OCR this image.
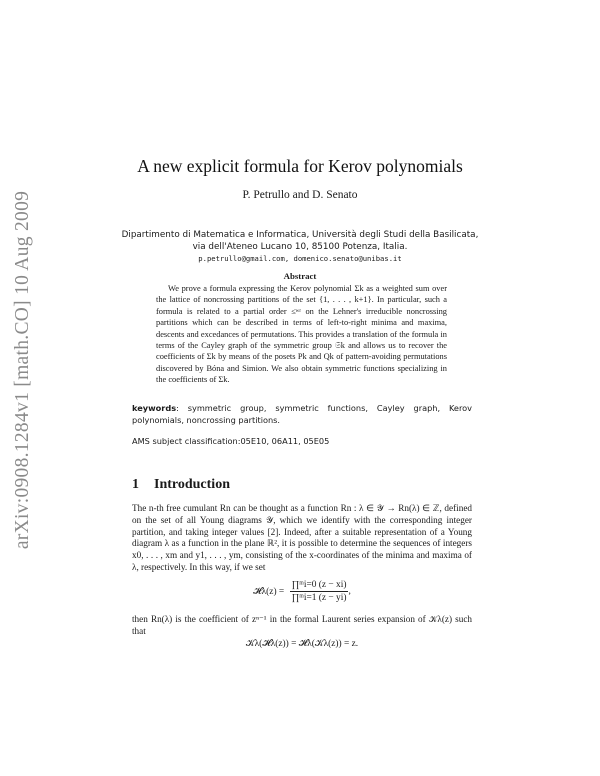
arXiv:0908.1284v1 [math.CO] 10 Aug 2009
A new explicit formula for Kerov polynomials
P. Petrullo and D. Senato
Dipartimento di Matematica e Informatica, Università degli Studi della Basilicata,
via dell'Ateneo Lucano 10, 85100 Potenza, Italia.
p.petrullo@gmail.com, domenico.senato@unibas.it
Abstract
We prove a formula expressing the Kerov polynomial Σk as a weighted sum over the lattice of noncrossing partitions of the set {1, . . . , k+1}. In particular, such a formula is related to a partial order ≤ʷʳ on the Lehner's irreducible noncrossing partitions which can be described in terms of left-to-right minima and maxima, descents and excedances of permutations. This provides a translation of the formula in terms of the Cayley graph of the symmetric group 𝔖k and allows us to recover the coefficients of Σk by means of the posets Pk and Qk of pattern-avoiding permutations discovered by Bóna and Simion. We also obtain symmetric functions specializing in the coefficients of Σk.
keywords: symmetric group, symmetric functions, Cayley graph, Kerov polynomials, noncrossing partitions.
AMS subject classification:05E10, 06A11, 05E05
1 Introduction
The n-th free cumulant Rn can be thought as a function Rn : λ ∈ 𝒴 → Rn(λ) ∈ ℤ, defined on the set of all Young diagrams 𝒴, which we identify with the corresponding integer partition, and taking integer values [2]. Indeed, after a suitable representation of a Young diagram λ as a function in the plane ℝ², it is possible to determine the sequences of integers x0, . . . , xm and y1, . . . , ym, consisting of the x-coordinates of the minima and maxima of λ, respectively. In this way, if we set
𝓗λ(z) = $\frac{\text{∏ᵐi=0 (z − xi)}}{\text{∏ᵐi=1 (z − yi)}}$ ,
then Rn(λ) is the coefficient of zⁿ⁻¹ in the formal Laurent series expansion of 𝒦λ(z) such that
𝒦λ(𝓗λ(z)) = 𝓗λ(𝒦λ(z)) = z.
